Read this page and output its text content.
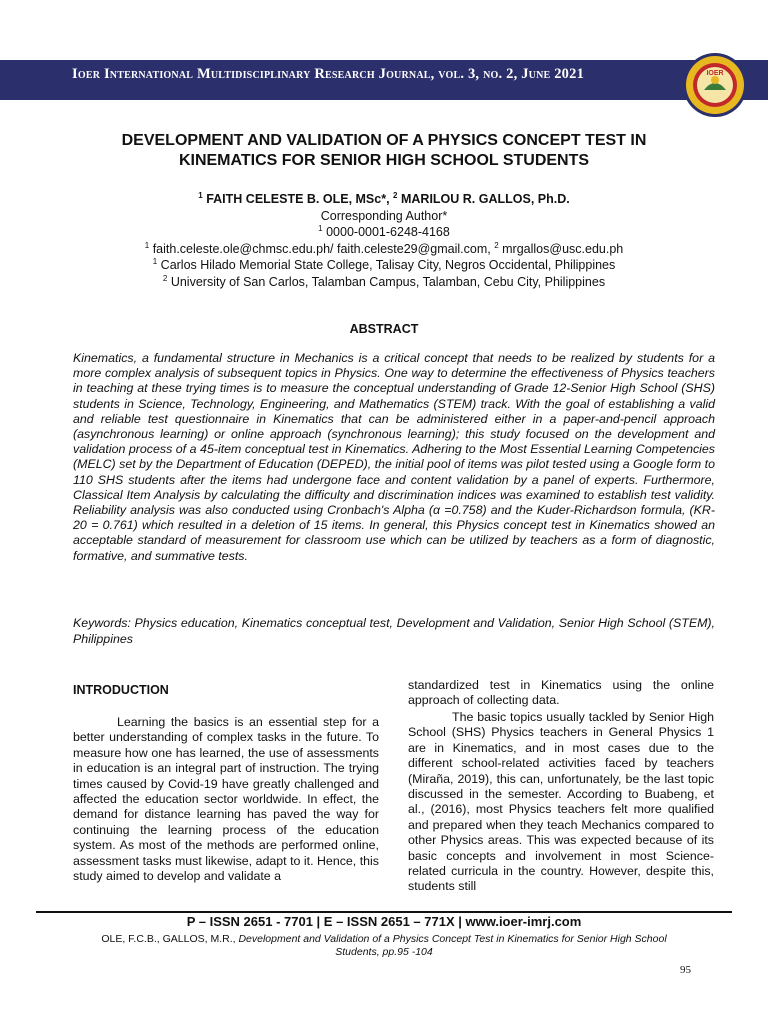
Ioer International Multidisciplinary Research Journal, vol. 3, no. 2, June 2021	IOER
DEVELOPMENT AND VALIDATION OF A PHYSICS CONCEPT TEST IN
KINEMATICS FOR SENIOR HIGH SCHOOL STUDENTS
$^1$ FAITH CELESTE B. OLE, MSc*, $^2$ MARILOU R. GALLOS, Ph.D.
Corresponding Author*
$^1$ 0000-0001-6248-4168
$^1$ faith.celeste.ole@chmsc.edu.ph/ faith.celeste29@gmail.com, $^2$ mrgallos@usc.edu.ph
$^1$ Carlos Hilado Memorial State College, Talisay City, Negros Occidental, Philippines
$^2$ University of San Carlos, Talamban Campus, Talamban, Cebu City, Philippines
ABSTRACT
Kinematics, a fundamental structure in Mechanics is a critical concept that needs to be realized by students for a more complex analysis of subsequent topics in Physics. One way to determine the effectiveness of Physics teachers in teaching at these trying times is to measure the conceptual understanding of Grade 12-Senior High School (SHS) students in Science, Technology, Engineering, and Mathematics (STEM) track. With the goal of establishing a valid and reliable test questionnaire in Kinematics that can be administered either in a paper-and-pencil approach (asynchronous learning) or online approach (synchronous learning); this study focused on the development and validation process of a 45-item conceptual test in Kinematics. Adhering to the Most Essential Learning Competencies (MELC) set by the Department of Education (DEPED), the initial pool of items was pilot tested using a Google form to 110 SHS students after the items had undergone face and content validation by a panel of experts. Furthermore, Classical Item Analysis by calculating the difficulty and discrimination indices was examined to establish test validity. Reliability analysis was also conducted using Cronbach's Alpha (α =0.758) and the Kuder-Richardson formula, (KR-20 = 0.761) which resulted in a deletion of 15 items. In general, this Physics concept test in Kinematics showed an acceptable standard of measurement for classroom use which can be utilized by teachers as a form of diagnostic, formative, and summative tests.
Keywords: Physics education, Kinematics conceptual test, Development and Validation, Senior High School (STEM), Philippines
INTRODUCTION
Learning the basics is an essential step for a better understanding of complex tasks in the future. To measure how one has learned, the use of assessments in education is an integral part of instruction. The trying times caused by Covid-19 have greatly challenged and affected the education sector worldwide. In effect, the demand for distance learning has paved the way for continuing the learning process of the education system. As most of the methods are performed online, assessment tasks must likewise, adapt to it. Hence, this study aimed to develop and validate a
standardized test in Kinematics using the online approach of collecting data.
The basic topics usually tackled by Senior High School (SHS) Physics teachers in General Physics 1 are in Kinematics, and in most cases due to the different school-related activities faced by teachers (Miraña, 2019), this can, unfortunately, be the last topic discussed in the semester. According to Buabeng, et al., (2016), most Physics teachers felt more qualified and prepared when they teach Mechanics compared to other Physics areas. This was expected because of its basic concepts and involvement in most Science-related curricula in the country. However, despite this, students still
P – ISSN 2651 - 7701 | E – ISSN 2651 – 771X | www.ioer-imrj.com
OLE, F.C.B., GALLOS, M.R., Development and Validation of a Physics Concept Test in Kinematics for Senior High School Students, pp.95 -104
95
